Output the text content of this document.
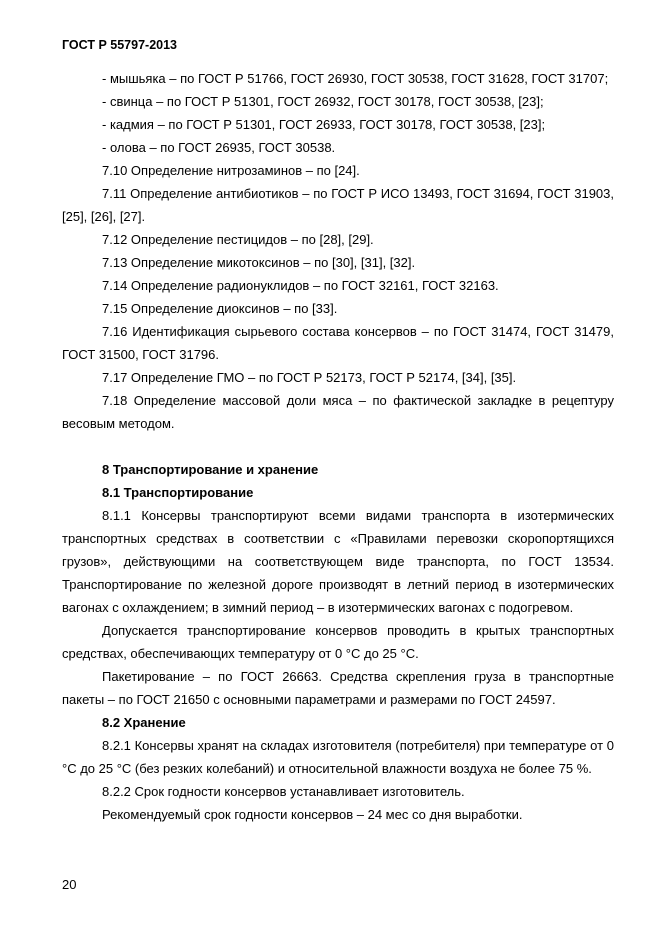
ГОСТ Р 55797-2013

- мышьяка – по ГОСТ Р 51766, ГОСТ 26930, ГОСТ 30538, ГОСТ 31628, ГОСТ 31707;

- свинца – по ГОСТ Р 51301, ГОСТ 26932, ГОСТ 30178, ГОСТ 30538, [23];

- кадмия – по ГОСТ Р 51301, ГОСТ 26933, ГОСТ 30178, ГОСТ 30538, [23];

- олова – по ГОСТ 26935, ГОСТ 30538.

7.10 Определение нитрозаминов – по [24].

7.11 Определение антибиотиков – по ГОСТ Р ИСО 13493, ГОСТ 31694, ГОСТ 31903, [25], [26], [27].

7.12 Определение пестицидов – по [28], [29].

7.13 Определение микотоксинов – по [30], [31], [32].

7.14 Определение радионуклидов – по ГОСТ 32161, ГОСТ 32163.

7.15 Определение диоксинов – по [33].

7.16 Идентификация сырьевого состава консервов – по ГОСТ 31474, ГОСТ 31479, ГОСТ 31500, ГОСТ 31796.

7.17 Определение ГМО – по ГОСТ Р 52173, ГОСТ Р 52174, [34], [35].

7.18 Определение массовой доли мяса – по фактической закладке в рецептуру весовым методом.

8 Транспортирование и хранение

8.1 Транспортирование

8.1.1 Консервы транспортируют всеми видами транспорта в изотермических транспортных средствах в соответствии с «Правилами перевозки скоропортящихся грузов», действующими на соответствующем виде транспорта, по ГОСТ 13534. Транспортирование по железной дороге производят в летний период в изотермических вагонах с охлаждением; в зимний период – в изотермических вагонах с подогревом.

Допускается транспортирование консервов проводить в крытых транспортных средствах, обеспечивающих температуру от 0 °С до 25 °С.

Пакетирование – по ГОСТ 26663. Средства скрепления груза в транспортные пакеты – по ГОСТ 21650 с основными параметрами и размерами по ГОСТ 24597.

8.2 Хранение

8.2.1 Консервы хранят на складах изготовителя (потребителя) при температуре от 0 °С до 25 °С (без резких колебаний) и относительной влажности воздуха не более 75 %.

8.2.2 Срок годности консервов устанавливает изготовитель.

Рекомендуемый срок годности консервов – 24 мес со дня выработки.

20
